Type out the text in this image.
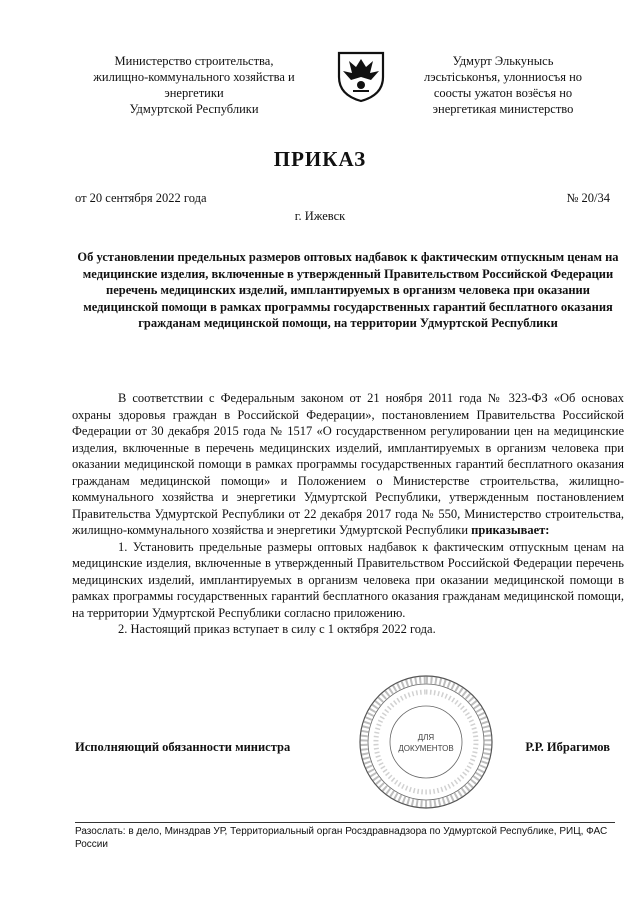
Министерство строительства,
жилищно-коммунального хозяйства и
энергетики
Удмуртской Республики
Удмурт Элькунысь
лэсьтiськонъя, улонниосъя но
сооcты ужатон возёсъя но
энергетикая министерство
ПРИКАЗ
от 20 сентября 2022 года	№ 20/34
г. Ижевск
Об установлении предельных размеров оптовых надбавок к фактическим отпускным ценам на медицинские изделия, включенные в утвержденный Правительством Российской Федерации перечень медицинских изделий, имплантируемых в организм человека при оказании медицинской помощи в рамках программы государственных гарантий бесплатного оказания гражданам медицинской помощи, на территории Удмуртской Республики

В соответствии с Федеральным законом от 21 ноября 2011 года № 323-ФЗ «Об основах охраны здоровья граждан в Российской Федерации», постановлением Правительства Российской Федерации от 30 декабря 2015 года № 1517 «О государственном регулировании цен на медицинские изделия, включенные в перечень медицинских изделий, имплантируемых в организм человека при оказании медицинской помощи в рамках программы государственных гарантий бесплатного оказания гражданам медицинской помощи» и Положением о Министерстве строительства, жилищно-коммунального хозяйства и энергетики Удмуртской Республики, утвержденным постановлением Правительства Удмуртской Республики от 22 декабря 2017 года № 550, Министерство строительства, жилищно-коммунального хозяйства и энергетики Удмуртской Республики приказывает:

1. Установить предельные размеры оптовых надбавок к фактическим отпускным ценам на медицинские изделия, включенные в утвержденный Правительством Российской Федерации перечень медицинских изделий, имплантируемых в организм человека при оказании медицинской помощи в рамках программы государственных гарантий бесплатного оказания гражданам медицинской помощи, на территории Удмуртской Республики согласно приложению.

2. Настоящий приказ вступает в силу с 1 октября 2022 года.

ДЛЯ
ДОКУМЕНТОВ
Исполняющий обязанности министра	Р.Р. Ибрагимов
Разослать: в дело, Минздрав УР, Территориальный орган Росздравнадзора по Удмуртской Республике, РИЦ, ФАС России
